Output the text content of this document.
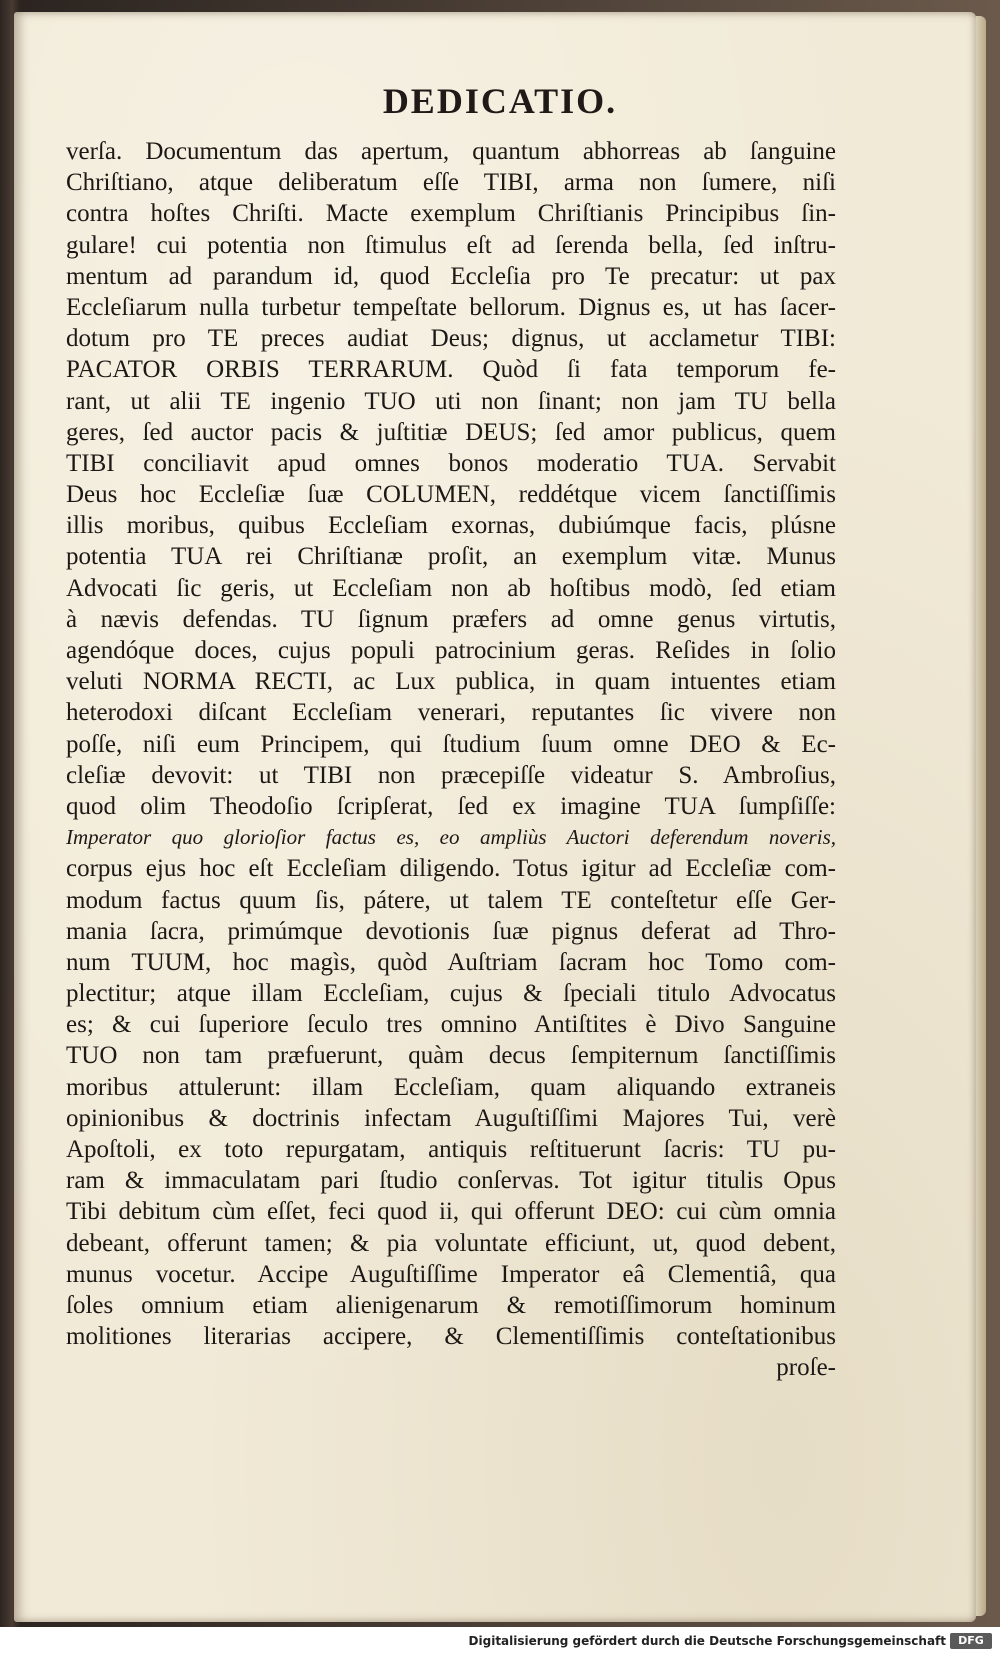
DEDICATIO.
verſa. Documentum das apertum, quantum abhorreas ab ſanguine
Chriſtiano, atque deliberatum eſſe TIBI, arma non ſumere, niſi
contra hoſtes Chriſti. Macte exemplum Chriſtianis Principibus ſin-
gulare! cui potentia non ſtimulus eſt ad ſerenda bella, ſed inſtru-
mentum ad parandum id, quod Eccleſia pro Te precatur: ut pax
Eccleſiarum nulla turbetur tempeſtate bellorum. Dignus es, ut has ſacer-
dotum pro TE preces audiat Deus; dignus, ut acclametur TIBI:
PACATOR ORBIS TERRARUM. Quòd ſi fata temporum fe-
rant, ut alii TE ingenio TUO uti non ſinant; non jam TU bella
geres, ſed auctor pacis & juſtitiæ DEUS; ſed amor publicus, quem
TIBI conciliavit apud omnes bonos moderatio TUA. Servabit
Deus hoc Eccleſiæ ſuæ COLUMEN, reddétque vicem ſanctiſſimis
illis moribus, quibus Eccleſiam exornas, dubiúmque facis, plúsne
potentia TUA rei Chriſtianæ proſit, an exemplum vitæ. Munus
Advocati ſic geris, ut Eccleſiam non ab hoſtibus modò, ſed etiam
à nævis defendas. TU ſignum præfers ad omne genus virtutis,
agendóque doces, cujus populi patrocinium geras. Reſides in ſolio
veluti NORMA RECTI, ac Lux publica, in quam intuentes etiam
heterodoxi diſcant Eccleſiam venerari, reputantes ſic vivere non
poſſe, niſi eum Principem, qui ſtudium ſuum omne DEO & Ec-
cleſiæ devovit: ut TIBI non præcepiſſe videatur S. Ambroſius,
quod olim Theodoſio ſcripſerat, ſed ex imagine TUA ſumpſiſſe:
Imperator quo glorioſior factus es, eo ampliùs Auctori deferendum noveris,
corpus ejus hoc eſt Eccleſiam diligendo. Totus igitur ad Eccleſiæ com-
modum factus quum ſis, pátere, ut talem TE conteſtetur eſſe Ger-
mania ſacra, primúmque devotionis ſuæ pignus deferat ad Thro-
num TUUM, hoc magìs, quòd Auſtriam ſacram hoc Tomo com-
plectitur; atque illam Eccleſiam, cujus & ſpeciali titulo Advocatus
es; & cui ſuperiore ſeculo tres omnino Antiſtites è Divo Sanguine
TUO non tam præfuerunt, quàm decus ſempiternum ſanctiſſimis
moribus attulerunt: illam Eccleſiam, quam aliquando extraneis
opinionibus & doctrinis infectam Auguſtiſſimi Majores Tui, verè
Apoſtoli, ex toto repurgatam, antiquis reſtituerunt ſacris: TU pu-
ram & immaculatam pari ſtudio conſervas. Tot igitur titulis Opus
Tibi debitum cùm eſſet, feci quod ii, qui offerunt DEO: cui cùm omnia
debeant, offerunt tamen; & pia voluntate efficiunt, ut, quod debent,
munus vocetur. Accipe Auguſtiſſime Imperator eâ Clementiâ, qua
ſoles omnium etiam alienigenarum & remotiſſimorum hominum
molitiones literarias accipere, & Clementiſſimis conteſtationibus
proſe-
Digitalisierung gefördert durch die Deutsche Forschungsgemeinschaft	DFG
